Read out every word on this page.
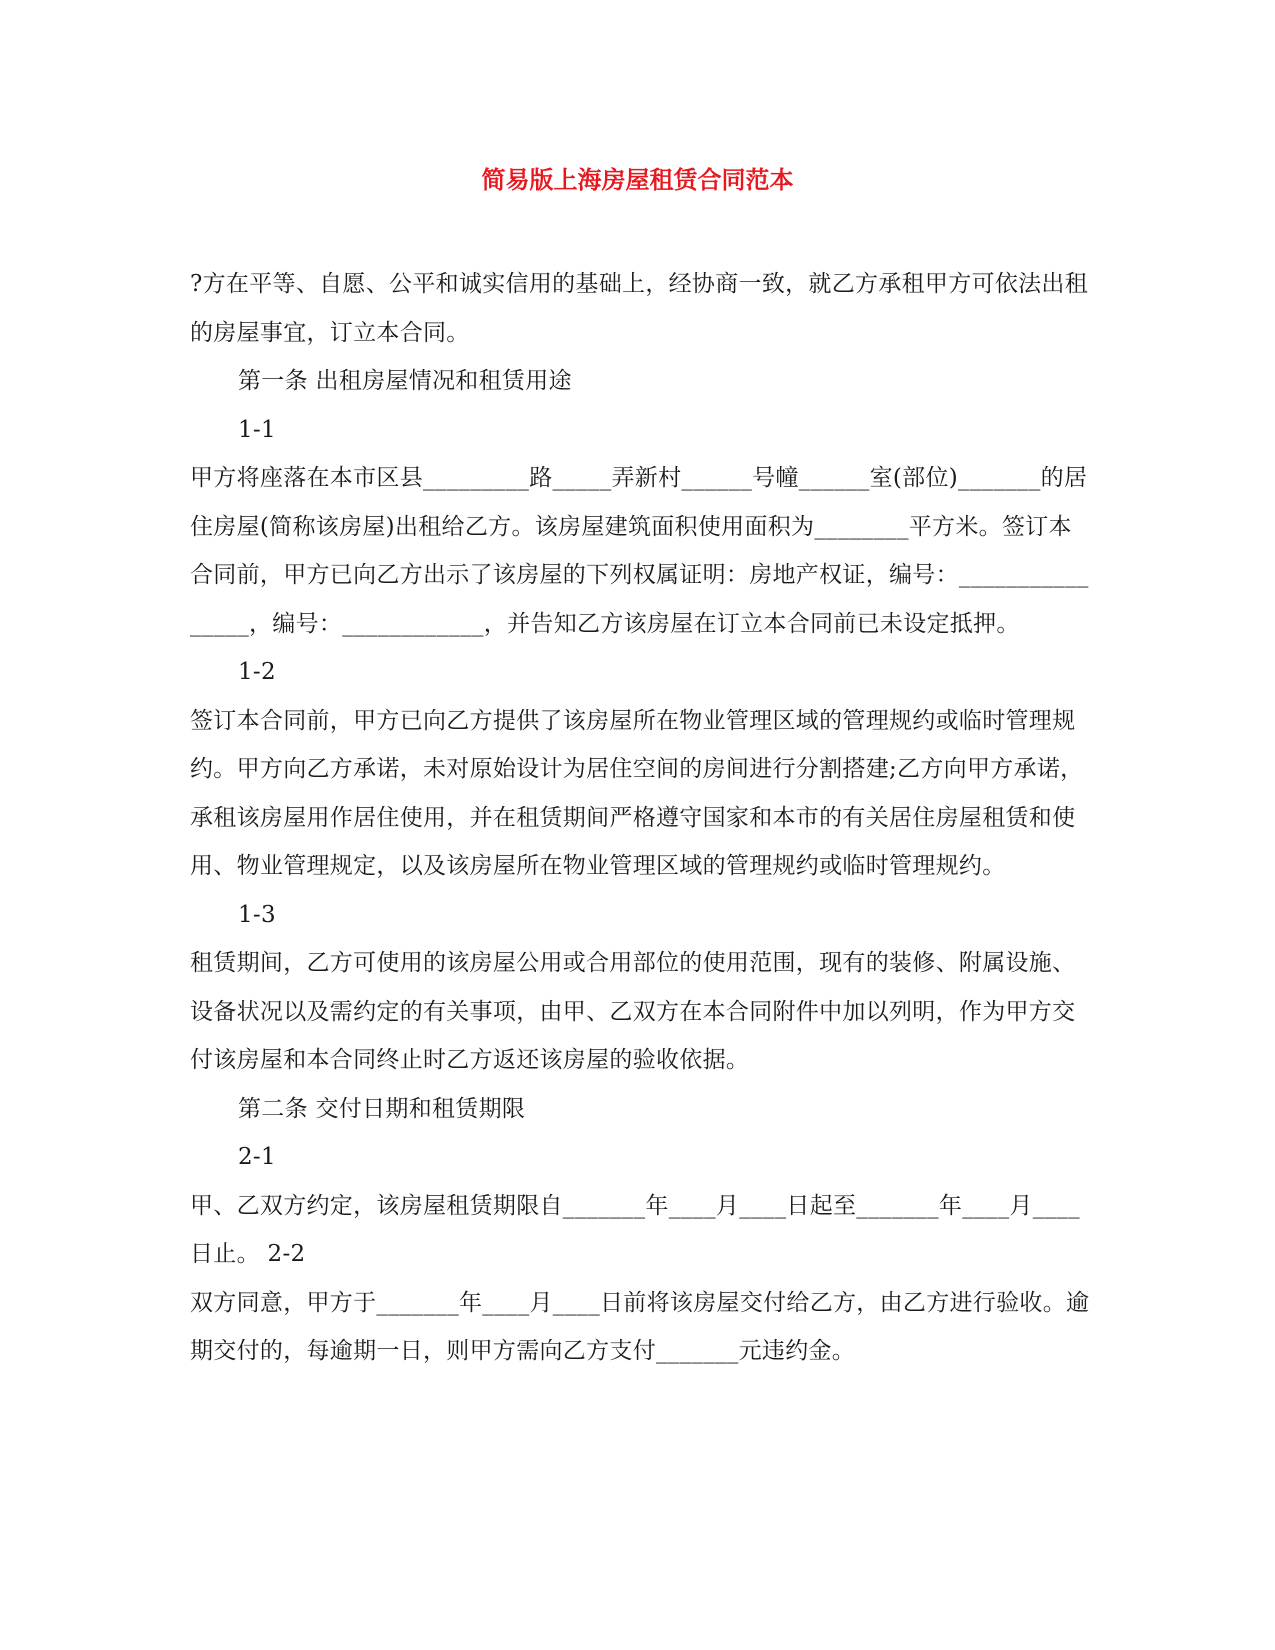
简易版上海房屋租赁合同范本

?方在平等、自愿、公平和诚实信用的基础上，经协商一致，就乙方承租甲方可依法出租的房屋事宜，订立本合同。

第一条 出租房屋情况和租赁用途

1-1

甲方将座落在本市区县_________路_____弄新村______号幢______室(部位)_______的居住房屋(简称该房屋)出租给乙方。该房屋建筑面积使用面积为________平方米。签订本合同前，甲方已向乙方出示了该房屋的下列权属证明：房地产权证，编号：________________，编号：____________，并告知乙方该房屋在订立本合同前已未设定抵押。

1-2

签订本合同前，甲方已向乙方提供了该房屋所在物业管理区域的管理规约或临时管理规约。甲方向乙方承诺，未对原始设计为居住空间的房间进行分割搭建;乙方向甲方承诺，承租该房屋用作居住使用，并在租赁期间严格遵守国家和本市的有关居住房屋租赁和使用、物业管理规定，以及该房屋所在物业管理区域的管理规约或临时管理规约。

1-3

租赁期间，乙方可使用的该房屋公用或合用部位的使用范围，现有的装修、附属设施、设备状况以及需约定的有关事项，由甲、乙双方在本合同附件中加以列明，作为甲方交付该房屋和本合同终止时乙方返还该房屋的验收依据。

第二条 交付日期和租赁期限

2-1

甲、乙双方约定，该房屋租赁期限自_______年____月____日起至_______年____月____日止。 2-2

双方同意，甲方于_______年____月____日前将该房屋交付给乙方，由乙方进行验收。逾期交付的，每逾期一日，则甲方需向乙方支付_______元违约金。
